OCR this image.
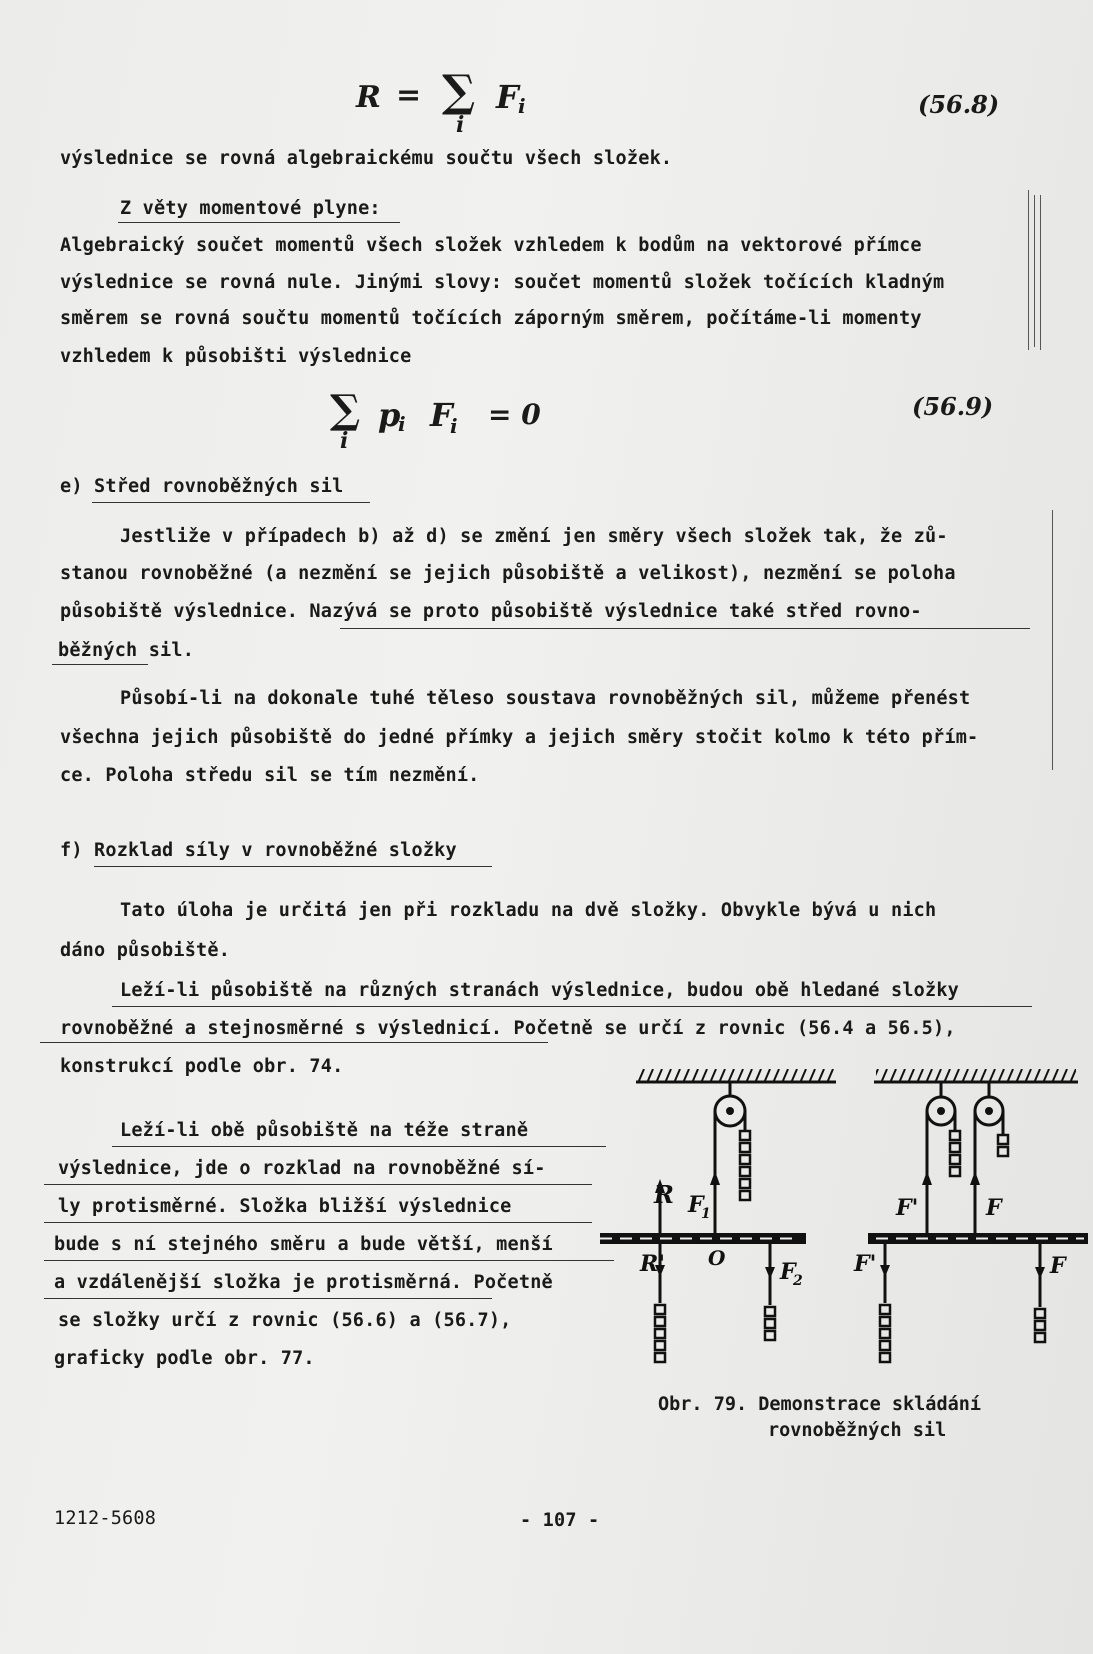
R = ∑
i
F i	(56.8)
výslednice se rovná algebraickému součtu všech složek.
Z věty momentové plyne:
Algebraický součet momentů všech složek vzhledem k bodům na vektorové přímce
výslednice se rovná nule. Jinými slovy: součet momentů složek točících kladným
směrem se rovná součtu momentů točících záporným směrem, počítáme-li momenty
vzhledem k působišti výslednice
∑
i
p
i F
i = 0	(56.9)
e) Střed rovnoběžných sil
Jestliže v případech b) až d) se změní jen směry všech složek tak, že zů-
stanou rovnoběžné (a nezmění se jejich působiště a velikost), nezmění se poloha
působiště výslednice. Nazývá se proto působiště výslednice také střed rovno-
běžných sil.
Působí-li na dokonale tuhé těleso soustava rovnoběžných sil, můžeme přenést
všechna jejich působiště do jedné přímky a jejich směry stočit kolmo k této přím-
ce. Poloha středu sil se tím nezmění.
f) Rozklad síly v rovnoběžné složky
Tato úloha je určitá jen při rozkladu na dvě složky. Obvykle bývá u nich
dáno působiště.
Leží-li působiště na různých stranách výslednice, budou obě hledané složky
rovnoběžné a stejnosměrné s výslednicí. Početně se určí z rovnic (56.4 a 56.5),
konstrukcí podle obr. 74.
Leží-li obě působiště na téže straně
výslednice, jde o rozklad na rovnoběžné sí-
ly protisměrné. Složka bližší výslednice
bude s ní stejného směru a bude větší, menší
a vzdálenější složka je protisměrná. Početně
se složky určí z rovnic (56.6) a (56.7),
graficky podle obr. 77.
R F
1
R' O
F
2
F'	F
F'	F
Obr. 79. Demonstrace skládání
rovnoběžných sil
1212-5608	- 107 -
